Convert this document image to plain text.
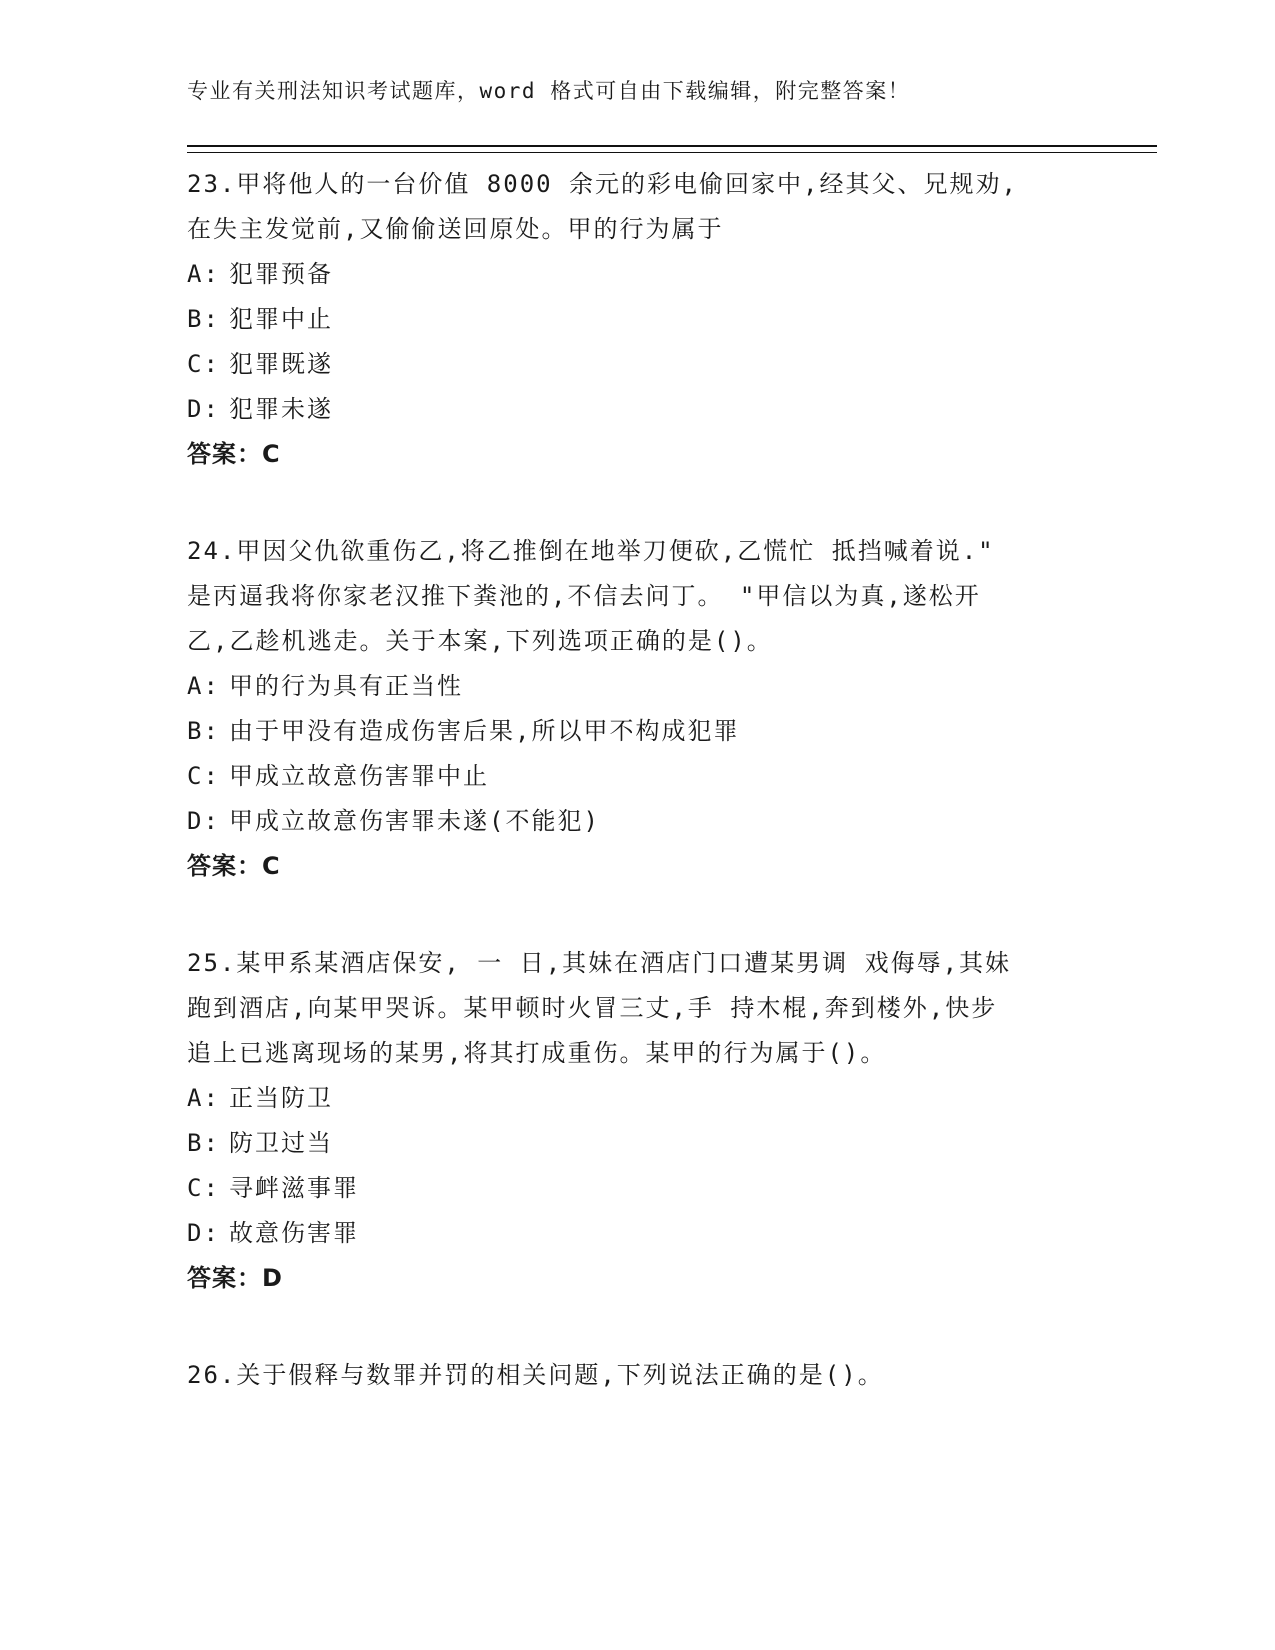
专业有关刑法知识考试题库，word 格式可自由下载编辑，附完整答案！
23.甲将他人的一台价值 8000 余元的彩电偷回家中,经其父、兄规劝,
在失主发觉前,又偷偷送回原处。甲的行为属于
A: 犯罪预备
B: 犯罪中止
C: 犯罪既遂
D: 犯罪未遂
答案：C
24.甲因父仇欲重伤乙,将乙推倒在地举刀便砍,乙慌忙 抵挡喊着说."
是丙逼我将你家老汉推下粪池的,不信去问丁。 "甲信以为真,遂松开
乙,乙趁机逃走。关于本案,下列选项正确的是()。
A: 甲的行为具有正当性
B: 由于甲没有造成伤害后果,所以甲不构成犯罪
C: 甲成立故意伤害罪中止
D: 甲成立故意伤害罪未遂(不能犯)
答案：C
25.某甲系某酒店保安, 一 日,其妹在酒店门口遭某男调 戏侮辱,其妹
跑到酒店,向某甲哭诉。某甲顿时火冒三丈,手 持木棍,奔到楼外,快步
追上已逃离现场的某男,将其打成重伤。某甲的行为属于()。
A: 正当防卫
B: 防卫过当
C: 寻衅滋事罪
D: 故意伤害罪
答案：D
26.关于假释与数罪并罚的相关问题,下列说法正确的是()。
